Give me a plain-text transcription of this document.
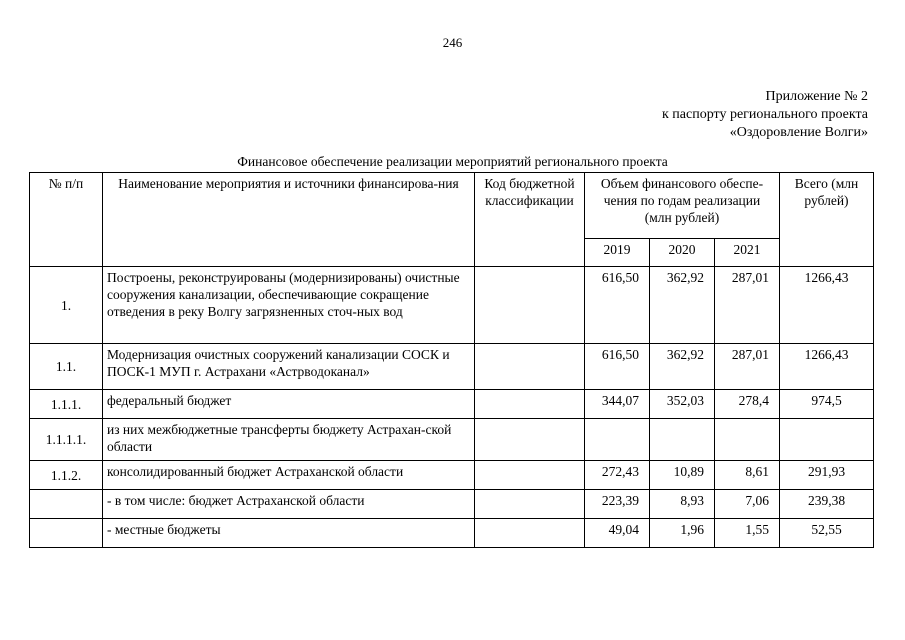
246
Приложение № 2
к паспорту регионального проекта
«Оздоровление Волги»
Финансовое обеспечение реализации мероприятий регионального проекта
№ п/п	Наименование мероприятия и источники финансирова-ния	Код бюджетной классификации	Объем финансового обеспе-чения по годам реализации (млн рублей)			Всего (млн рублей)
			2019	2020	2021	
1.	Построены, реконструированы (модернизированы) очистные сооружения канализации, обеспечивающие сокращение отведения в реку Волгу загрязненных сточ-ных вод		616,50	362,92	287,01	1266,43
1.1.	Модернизация очистных сооружений канализации СОСК и ПОСК-1 МУП г. Астрахани «Астрводоканал»		616,50	362,92	287,01	1266,43
1.1.1.	федеральный бюджет		344,07	352,03	278,4	974,5
1.1.1.1.	из них межбюджетные трансферты бюджету Астрахан-ской области					
1.1.2.	консолидированный бюджет Астраханской области		272,43	10,89	8,61	291,93
	- в том числе: бюджет Астраханской области		223,39	8,93	7,06	239,38
	- местные бюджеты		49,04	1,96	1,55	52,55
